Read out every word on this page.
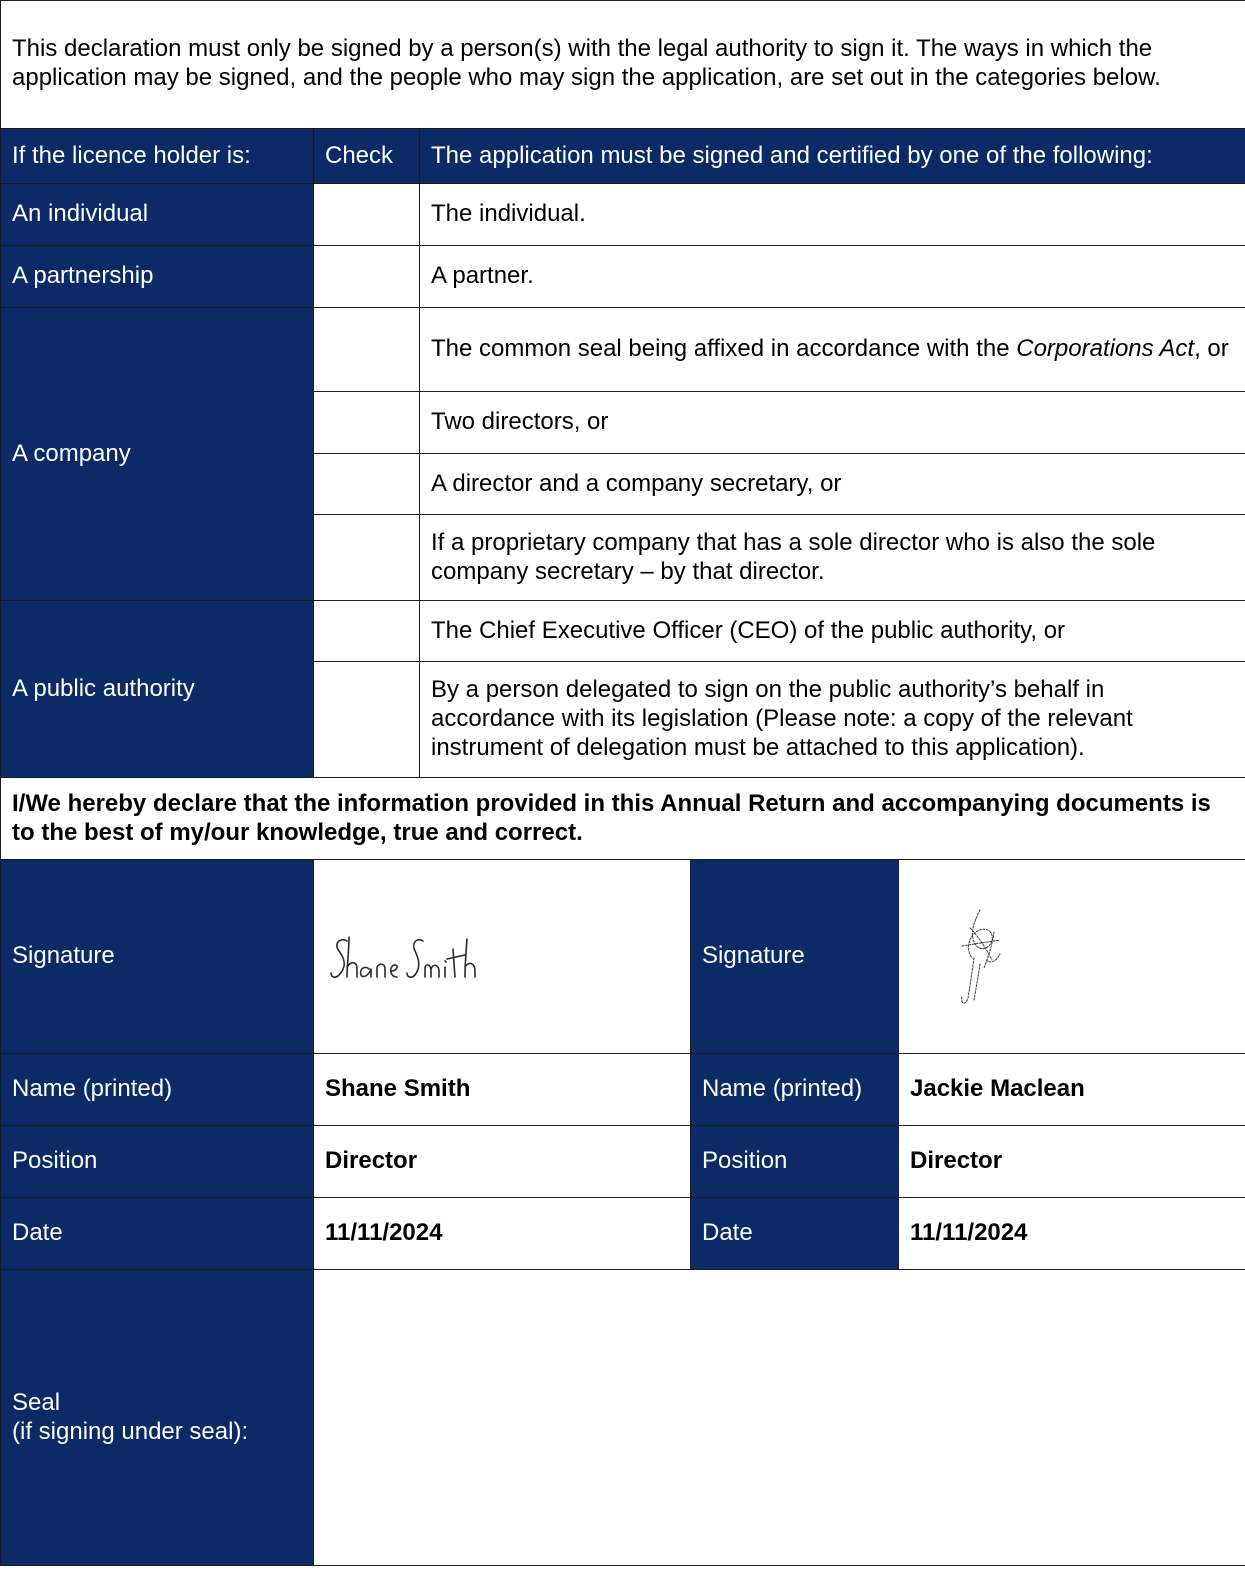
This declaration must only be signed by a person(s) with the legal authority to sign it. The ways in which the application may be signed, and the people who may sign the application, are set out in the categories below.				

If the licence holder is:	Check	The application must be signed and certified by one of the following:		
An individual		The individual.		
A partnership		A partner.		
A company		The common seal being affixed in accordance with the Corporations Act, or		
		Two directors, or		
		A director and a company secretary, or		
		If a proprietary company that has a sole director who is also the sole company secretary – by that director.		
A public authority		The Chief Executive Officer (CEO) of the public authority, or		
		By a person delegated to sign on the public authority’s behalf in accordance with its legislation (Please note: a copy of the relevant instrument of delegation must be attached to this application).		
I/We hereby declare that the information provided in this Annual Return and accompanying documents is to the best of my/our knowledge, true and correct.				
Signature			Signature	

Name (printed)	Shane Smith		Name (printed)	Jackie Maclean
Position	Director		Position	Director
Date	11/11/2024		Date	11/11/2024

Seal
(if signing under seal):				
